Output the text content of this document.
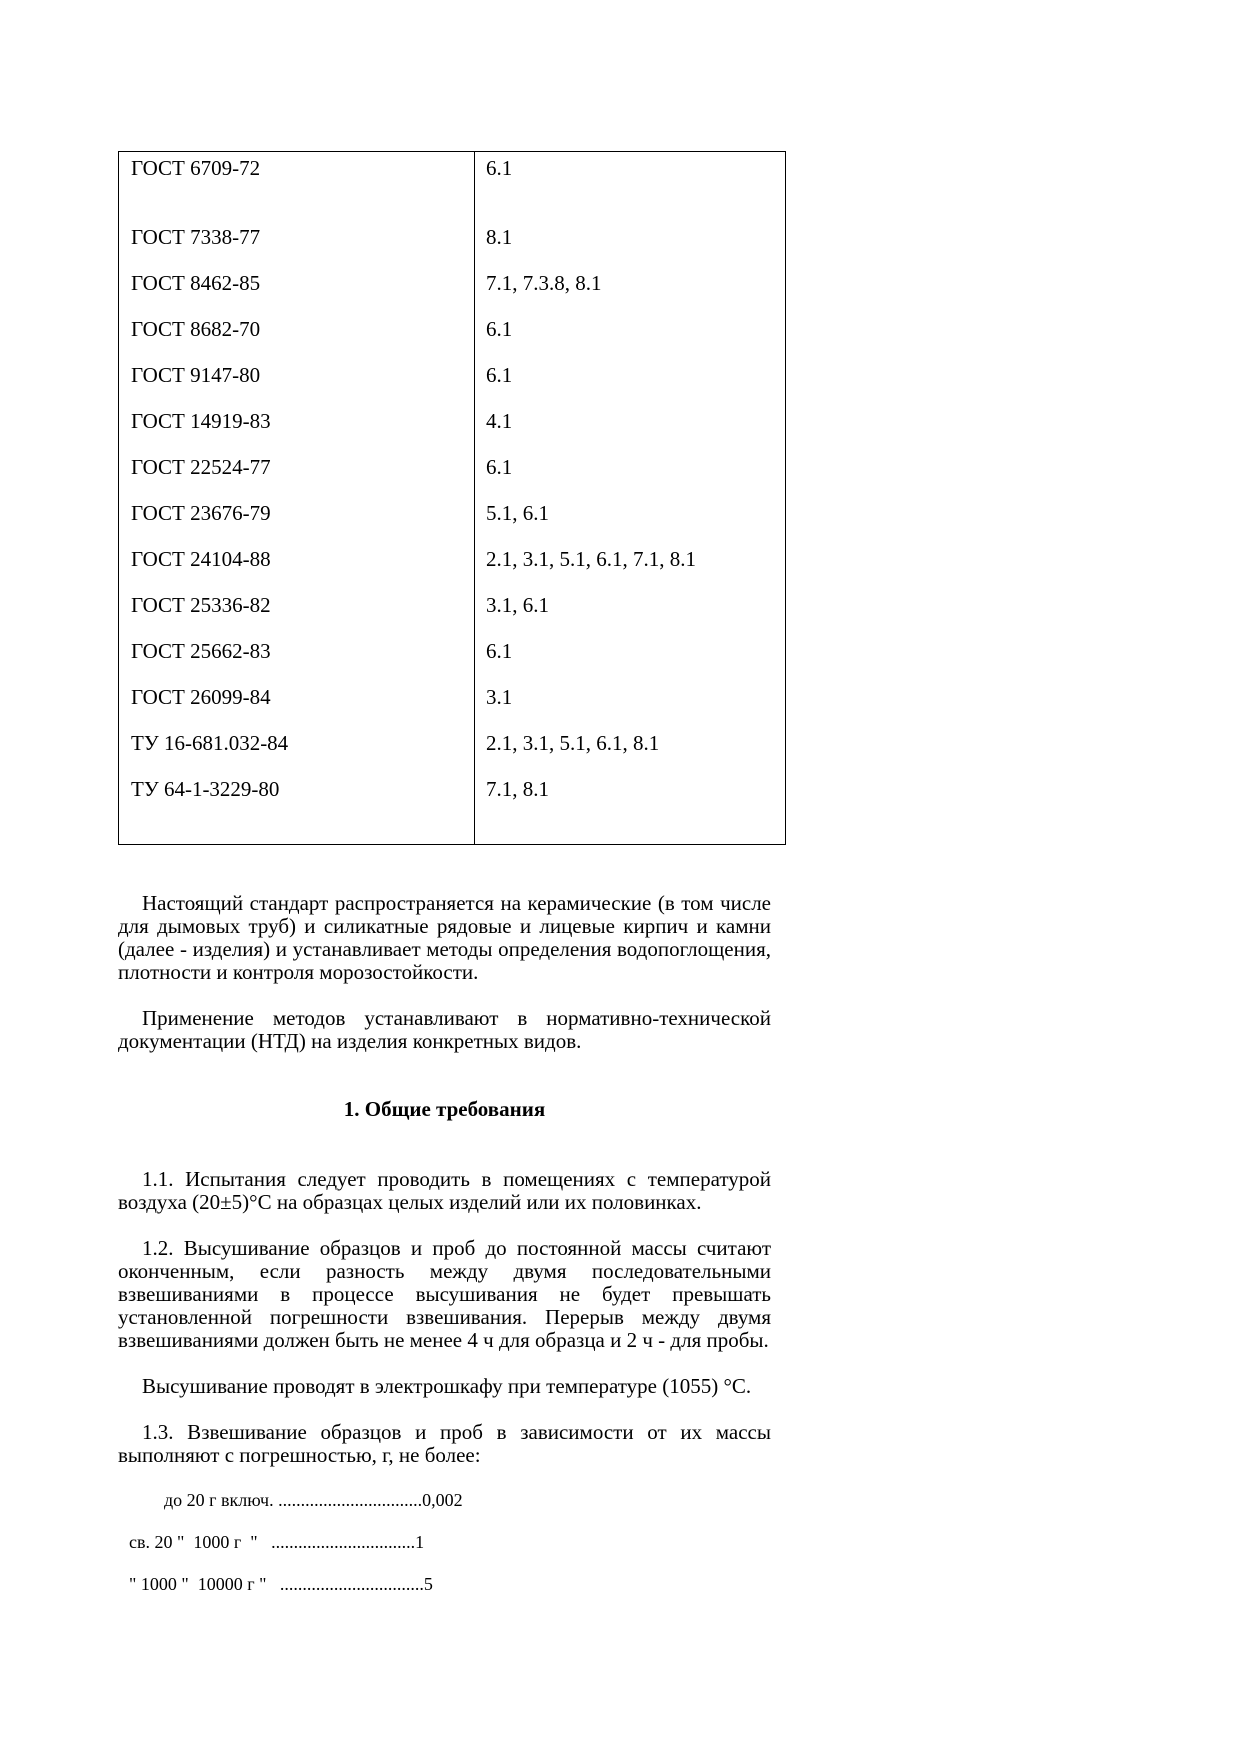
ГОСТ 6709-72	6.1
ГОСТ 7338-77	8.1
ГОСТ 8462-85	7.1, 7.3.8, 8.1
ГОСТ 8682-70	6.1
ГОСТ 9147-80	6.1
ГОСТ 14919-83	4.1
ГОСТ 22524-77	6.1
ГОСТ 23676-79	5.1, 6.1
ГОСТ 24104-88	2.1, 3.1, 5.1, 6.1, 7.1, 8.1
ГОСТ 25336-82	3.1, 6.1
ГОСТ 25662-83	6.1
ГОСТ 26099-84	3.1
ТУ 16-681.032-84	2.1, 3.1, 5.1, 6.1, 8.1
ТУ 64-1-3229-80	7.1, 8.1

Настоящий стандарт распространяется на керамические (в том числе для дымовых труб) и силикатные рядовые и лицевые кирпич и камни (далее - изделия) и устанавливает методы определения водопоглощения, плотности и контроля морозостойкости.

Применение методов устанавливают в нормативно-технической документации (НТД) на изделия конкретных видов.

1. Общие требования

1.1. Испытания следует проводить в помещениях с температурой воздуха (20±5)°С на образцах целых изделий или их половинках.

1.2. Высушивание образцов и проб до постоянной массы считают оконченным, если разность между двумя последовательными взвешиваниями в процессе высушивания не будет превышать установленной погрешности взвешивания. Перерыв между двумя взвешиваниями должен быть не менее 4 ч для образца и 2 ч - для пробы.

Высушивание проводят в электрошкафу при температуре (1055) °С.

1.3. Взвешивание образцов и проб в зависимости от их массы выполняют с погрешностью, г, не более:

до 20 г включ. ................................0,002
св. 20 "  1000 г  "   ................................1
" 1000 "  10000 г "   ................................5
